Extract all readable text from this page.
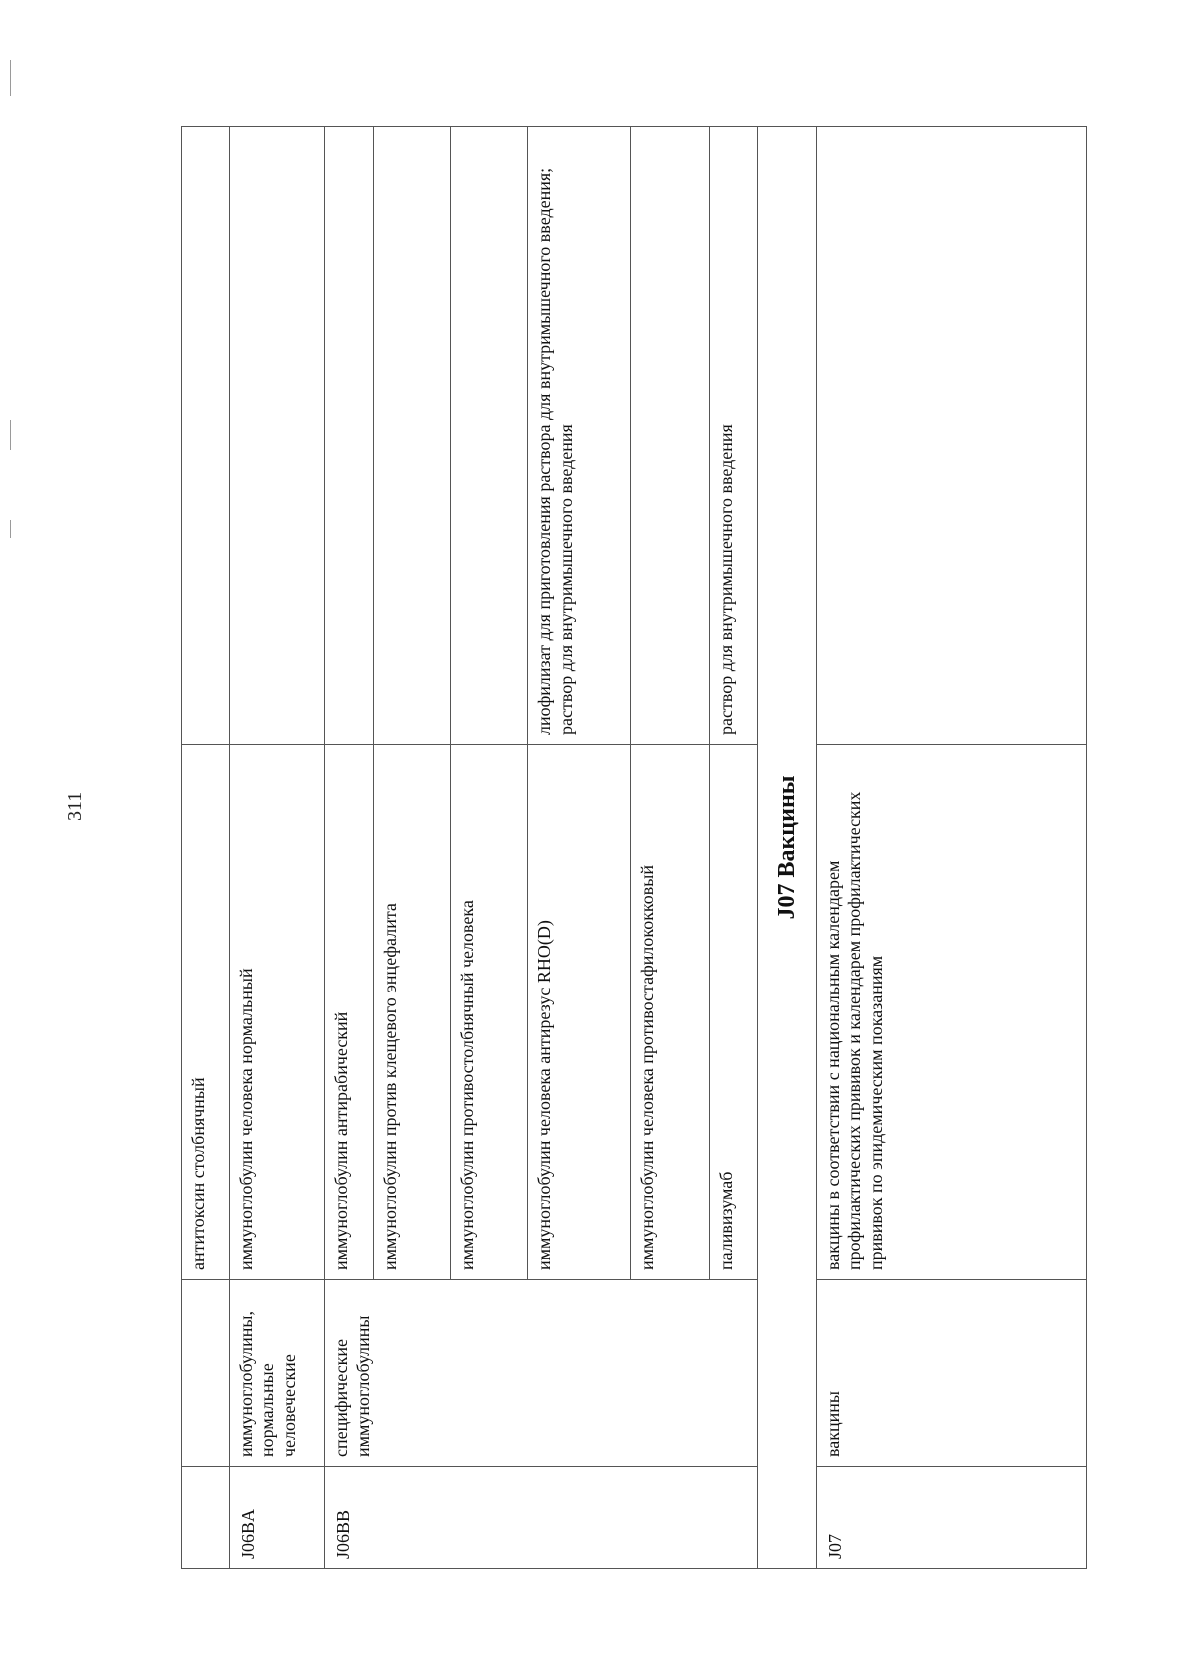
311
		антитоксин столбнячный	
J06BA	иммуноглобулины, нормальные человеческие	иммуноглобулин человека нормальный	
J06BB	специфические иммуноглобулины	иммуноглобулин антирабический	
		иммуноглобулин против клещевого энцефалита	
		иммуноглобулин противостолбнячный человека	
		иммуноглобулин человека антирезус RHO(D)	лиофилизат для приготовления раствора для внутримышечного введения; раствор для внутримышечного введения

		иммуноглобулин человека противостафилококковый	
		паливизумаб	раствор для внутримышечного введения

J07 Вакцины			
J07	вакцины	вакцины в соответствии с национальным календарем профилактических прививок и календарем профилактических прививок по эпидемическим показаниям	
